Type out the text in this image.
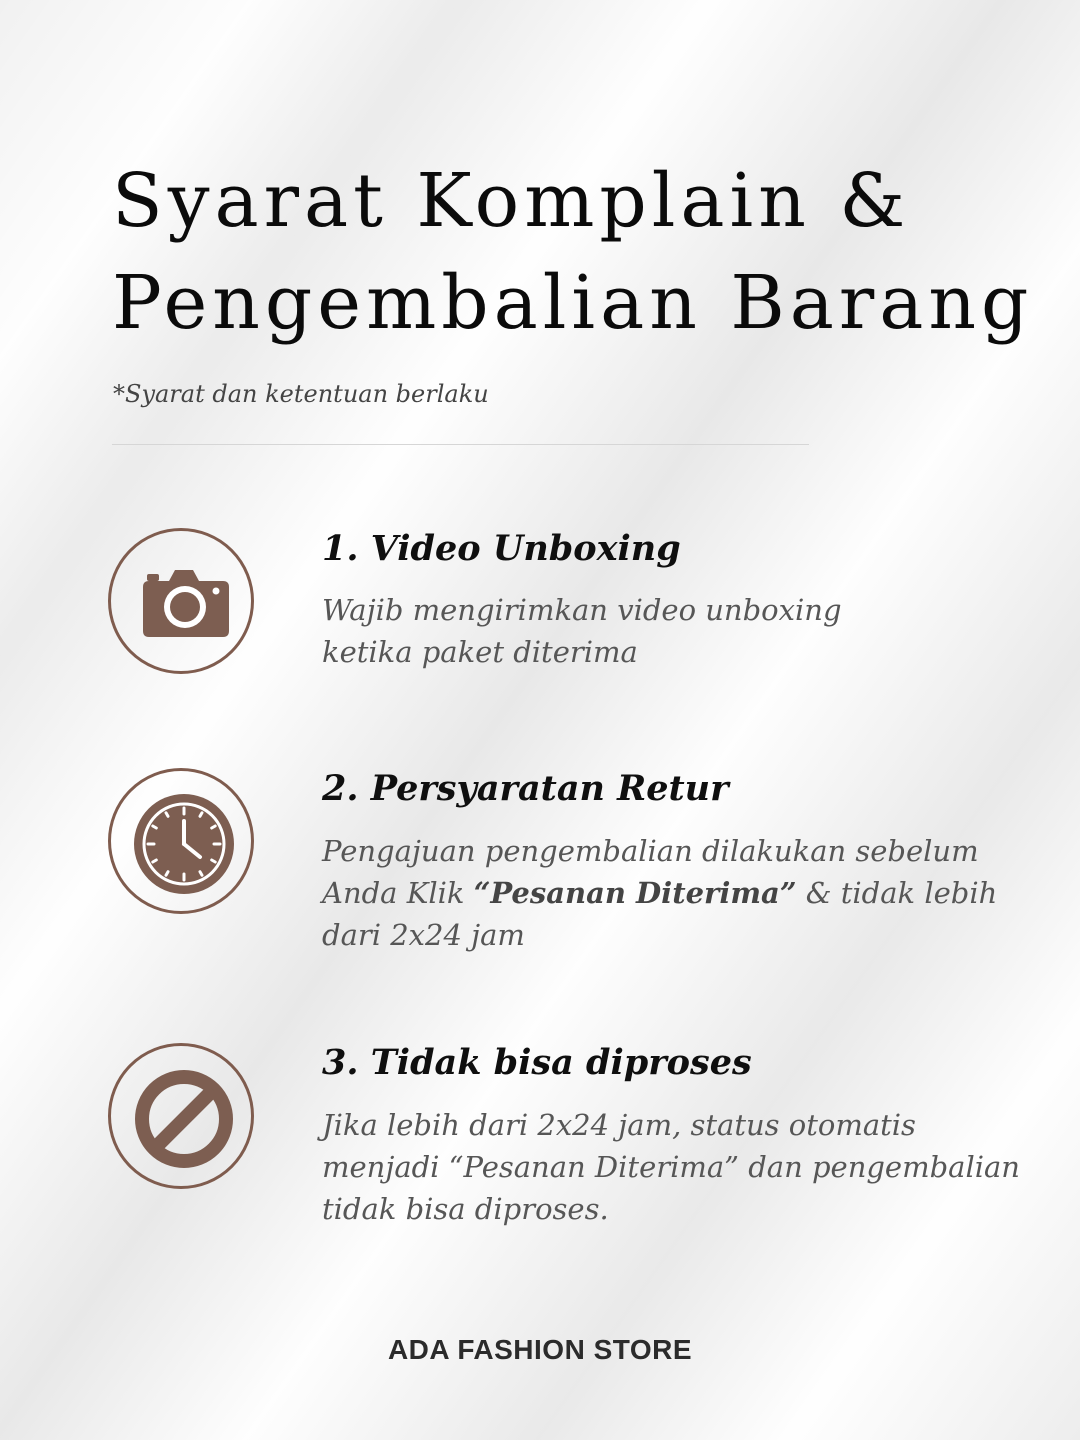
Syarat Komplain &
Pengembalian Barang
*Syarat dan ketentuan berlaku
1. Video Unboxing

Wajib mengirimkan video unboxing
ketika paket diterima

2. Persyaratan Retur

Pengajuan pengembalian dilakukan sebelum
Anda Klik “Pesanan Diterima” & tidak lebih
dari 2x24 jam

3. Tidak bisa diproses

Jika lebih dari 2x24 jam, status otomatis
menjadi “Pesanan Diterima” dan pengembalian
tidak bisa diproses.

ADA FASHION STORE
